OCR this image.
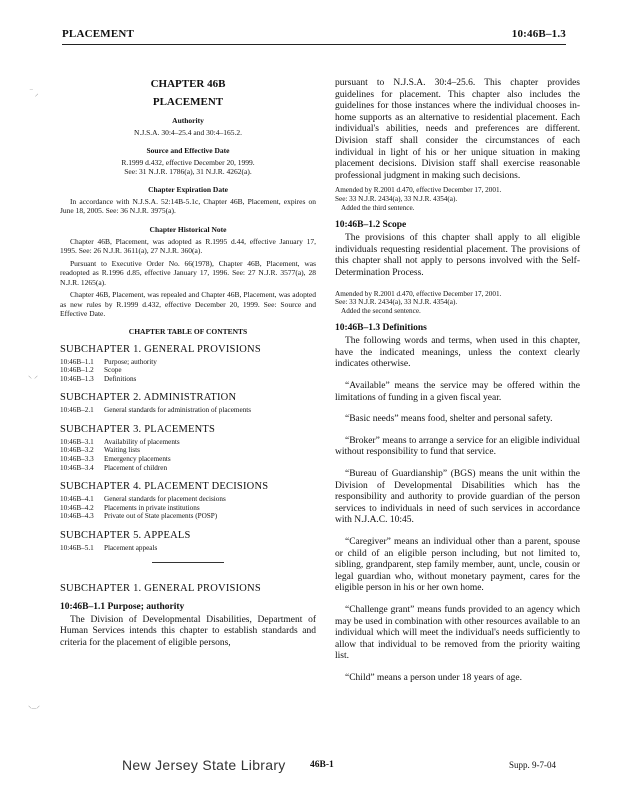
PLACEMENT	10:46B–1.3
‾ ⸝
⸜ ⸝
⸜_⸝
CHAPTER 46B
PLACEMENT
Authority

N.J.S.A. 30:4–25.4 and 30:4–165.2.

Source and Effective Date

R.1999 d.432, effective December 20, 1999.

See: 31 N.J.R. 1786(a), 31 N.J.R. 4262(a).

Chapter Expiration Date

In accordance with N.J.S.A. 52:14B-5.1c, Chapter 46B, Placement, expires on June 18, 2005. See: 36 N.J.R. 3975(a).

Chapter Historical Note

Chapter 46B, Placement, was adopted as R.1995 d.44, effective January 17, 1995. See: 26 N.J.R. 3611(a), 27 N.J.R. 360(a).

Pursuant to Executive Order No. 66(1978), Chapter 46B, Placement, was readopted as R.1996 d.85, effective January 17, 1996. See: 27 N.J.R. 3577(a), 28 N.J.R. 1265(a).

Chapter 46B, Placement, was repealed and Chapter 46B, Placement, was adopted as new rules by R.1999 d.432, effective December 20, 1999. See: Source and Effective Date.

CHAPTER TABLE OF CONTENTS
SUBCHAPTER 1. GENERAL PROVISIONS
10:46B–1.1	Purpose; authority
10:46B–1.2	Scope
10:46B–1.3	Definitions
SUBCHAPTER 2. ADMINISTRATION
10:46B–2.1	General standards for administration of placements
SUBCHAPTER 3. PLACEMENTS
10:46B–3.1	Availability of placements
10:46B–3.2	Waiting lists
10:46B–3.3	Emergency placements
10:46B–3.4	Placement of children
SUBCHAPTER 4. PLACEMENT DECISIONS
10:46B–4.1	General standards for placement decisions
10:46B–4.2	Placements in private institutions
10:46B–4.3	Private out of State placements (POSP)
SUBCHAPTER 5. APPEALS
10:46B–5.1	Placement appeals
SUBCHAPTER 1. GENERAL PROVISIONS
10:46B–1.1 Purpose; authority

The Division of Developmental Disabilities, Department of Human Services intends this chapter to establish standards and criteria for the placement of eligible persons,

pursuant to N.J.S.A. 30:4–25.6. This chapter provides guidelines for placement. This chapter also includes the guidelines for those instances where the individual chooses in-home supports as an alternative to residential placement. Each individual's abilities, needs and preferences are different. Division staff shall consider the circumstances of each individual in light of his or her unique situation in making placement decisions. Division staff shall exercise reasonable professional judgment in making such decisions.

Amended by R.2001 d.470, effective December 17, 2001.

See: 33 N.J.R. 2434(a), 33 N.J.R. 4354(a).

Added the third sentence.

10:46B–1.2 Scope

The provisions of this chapter shall apply to all eligible individuals requesting residential placement. The provisions of this chapter shall not apply to persons involved with the Self-Determination Process.

Amended by R.2001 d.470, effective December 17, 2001.

See: 33 N.J.R. 2434(a), 33 N.J.R. 4354(a).

Added the second sentence.

10:46B–1.3 Definitions

The following words and terms, when used in this chapter, have the indicated meanings, unless the context clearly indicates otherwise.

“Available” means the service may be offered within the limitations of funding in a given fiscal year.

“Basic needs” means food, shelter and personal safety.

“Broker” means to arrange a service for an eligible individual without responsibility to fund that service.

“Bureau of Guardianship” (BGS) means the unit within the Division of Developmental Disabilities which has the responsibility and authority to provide guardian of the person services to individuals in need of such services in accordance with N.J.A.C. 10:45.

“Caregiver” means an individual other than a parent, spouse or child of an eligible person including, but not limited to, sibling, grandparent, step family member, aunt, uncle, cousin or legal guardian who, without monetary payment, cares for the eligible person in his or her own home.

“Challenge grant” means funds provided to an agency which may be used in combination with other resources available to an individual which will meet the individual's needs sufficiently to allow that individual to be removed from the priority waiting list.

“Child” means a person under 18 years of age.

New Jersey State Library	46B-1	Supp. 9-7-04
